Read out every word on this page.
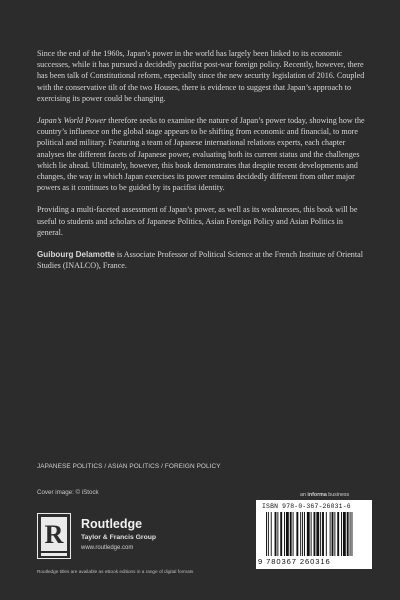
Since the end of the 1960s, Japan’s power in the world has largely been linked to its economic successes, while it has pursued a decidedly pacifist post-war foreign policy. Recently, however, there has been talk of Constitutional reform, especially since the new security legislation of 2016. Coupled with the conservative tilt of the two Houses, there is evidence to suggest that Japan’s approach to exercising its power could be changing.

Japan’s World Power therefore seeks to examine the nature of Japan’s power today, showing how the country’s influence on the global stage appears to be shifting from economic and financial, to more political and military. Featuring a team of Japanese international relations experts, each chapter analyses the different facets of Japanese power, evaluating both its current status and the challenges which lie ahead. Ultimately, however, this book demonstrates that despite recent developments and changes, the way in which Japan exercises its power remains decidedly different from other major powers as it continues to be guided by its pacifist identity.

Providing a multi-faceted assessment of Japan’s power, as well as its weaknesses, this book will be useful to students and scholars of Japanese Politics, Asian Foreign Policy and Asian Politics in general.

Guibourg Delamotte is Associate Professor of Political Science at the French Institute of Oriental Studies (INALCO), France.

JAPANESE POLITICS / ASIAN POLITICS / FOREIGN POLICY
Cover image: © iStock
R Routledge
Taylor & Francis Group
www.routledge.com
Routledge titles are available as eBook editions in a range of digital formats
an informa business
ISBN 978-0-367-26031-6
9 780367 260316
